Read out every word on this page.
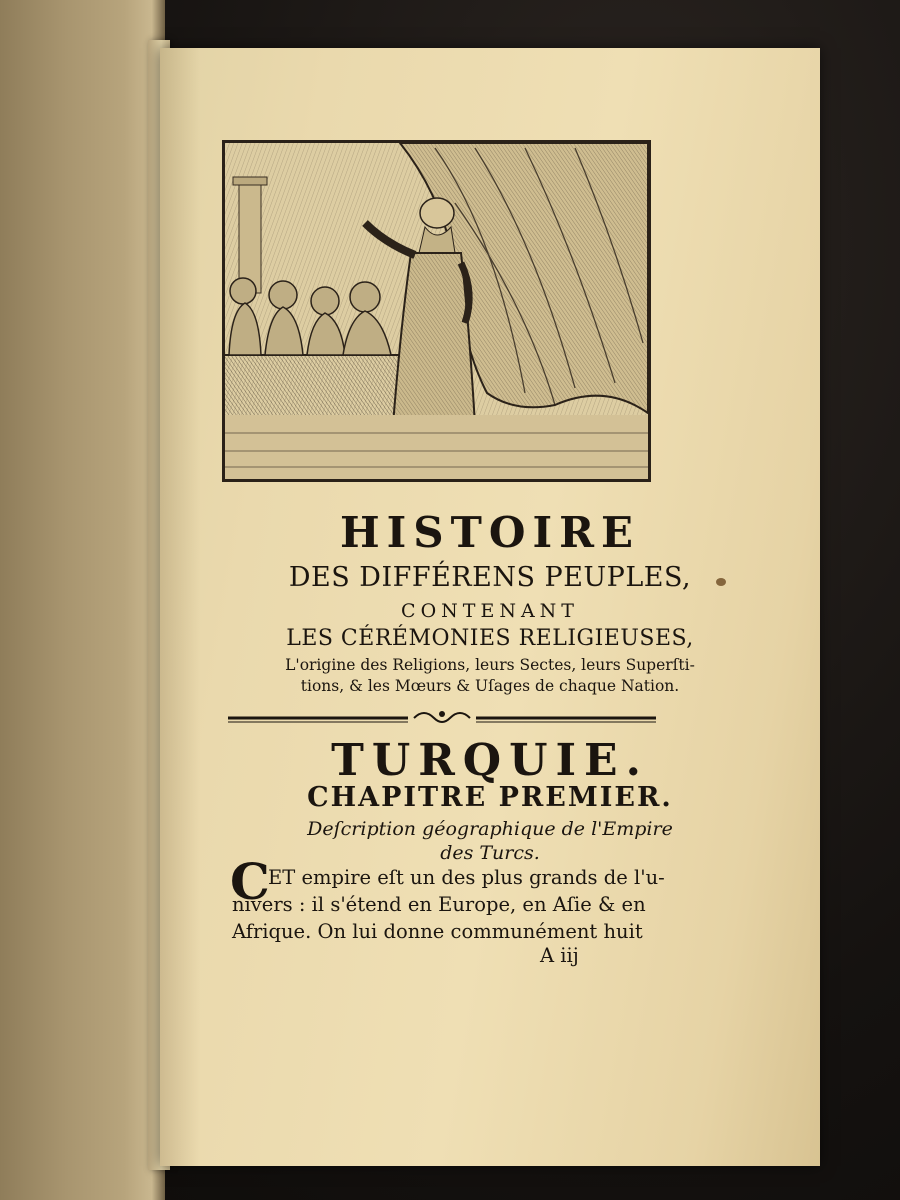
HISTOIRE
DES DIFFÉRENS PEUPLES,
CONTENANT
LES CÉRÉMONIES RELIGIEUSES,
L'origine des Religions, leurs Sectes, leurs Superſti-
tions, & les Mœurs & Uſages de chaque Nation.
TURQUIE.
CHAPITRE PREMIER.
Deſcription géographique de l'Empire
des Turcs.
C
ET empire eſt un des plus grands de l'u-
nivers : il s'étend en Europe, en Aſie & en
Afrique. On lui donne communément huit
A iij
